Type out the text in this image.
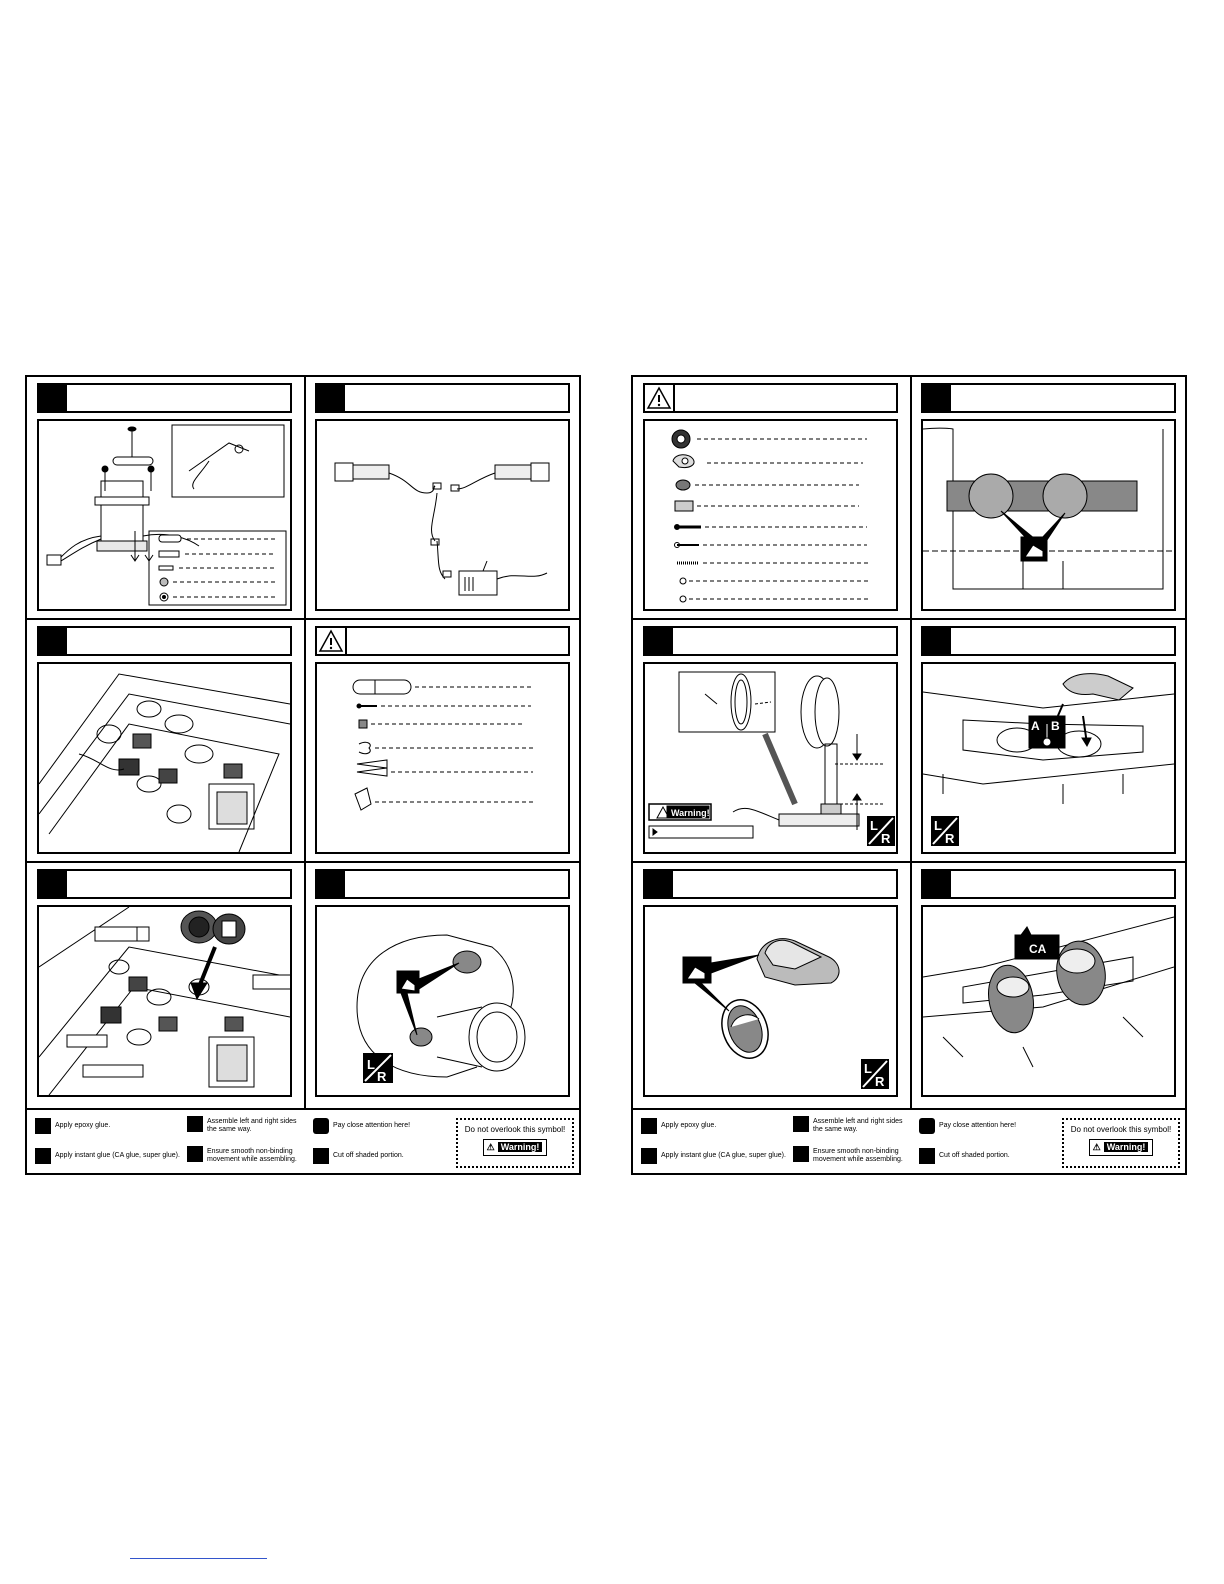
L
R
Apply epoxy glue.
Apply instant glue (CA glue, super glue).
Assemble left and right sides the same way.
Ensure smooth non-binding movement while assembling.
Pay close attention here!
Cut off shaded portion.
Do not overlook this symbol!
⚠ Warning!
Warning!
L
R
A B
L
R
L
R
CA
Apply epoxy glue.
Apply instant glue (CA glue, super glue).
Assemble left and right sides the same way.
Ensure smooth non-binding movement while assembling.
Pay close attention here!
Cut off shaded portion.
Do not overlook this symbol!
⚠ Warning!
